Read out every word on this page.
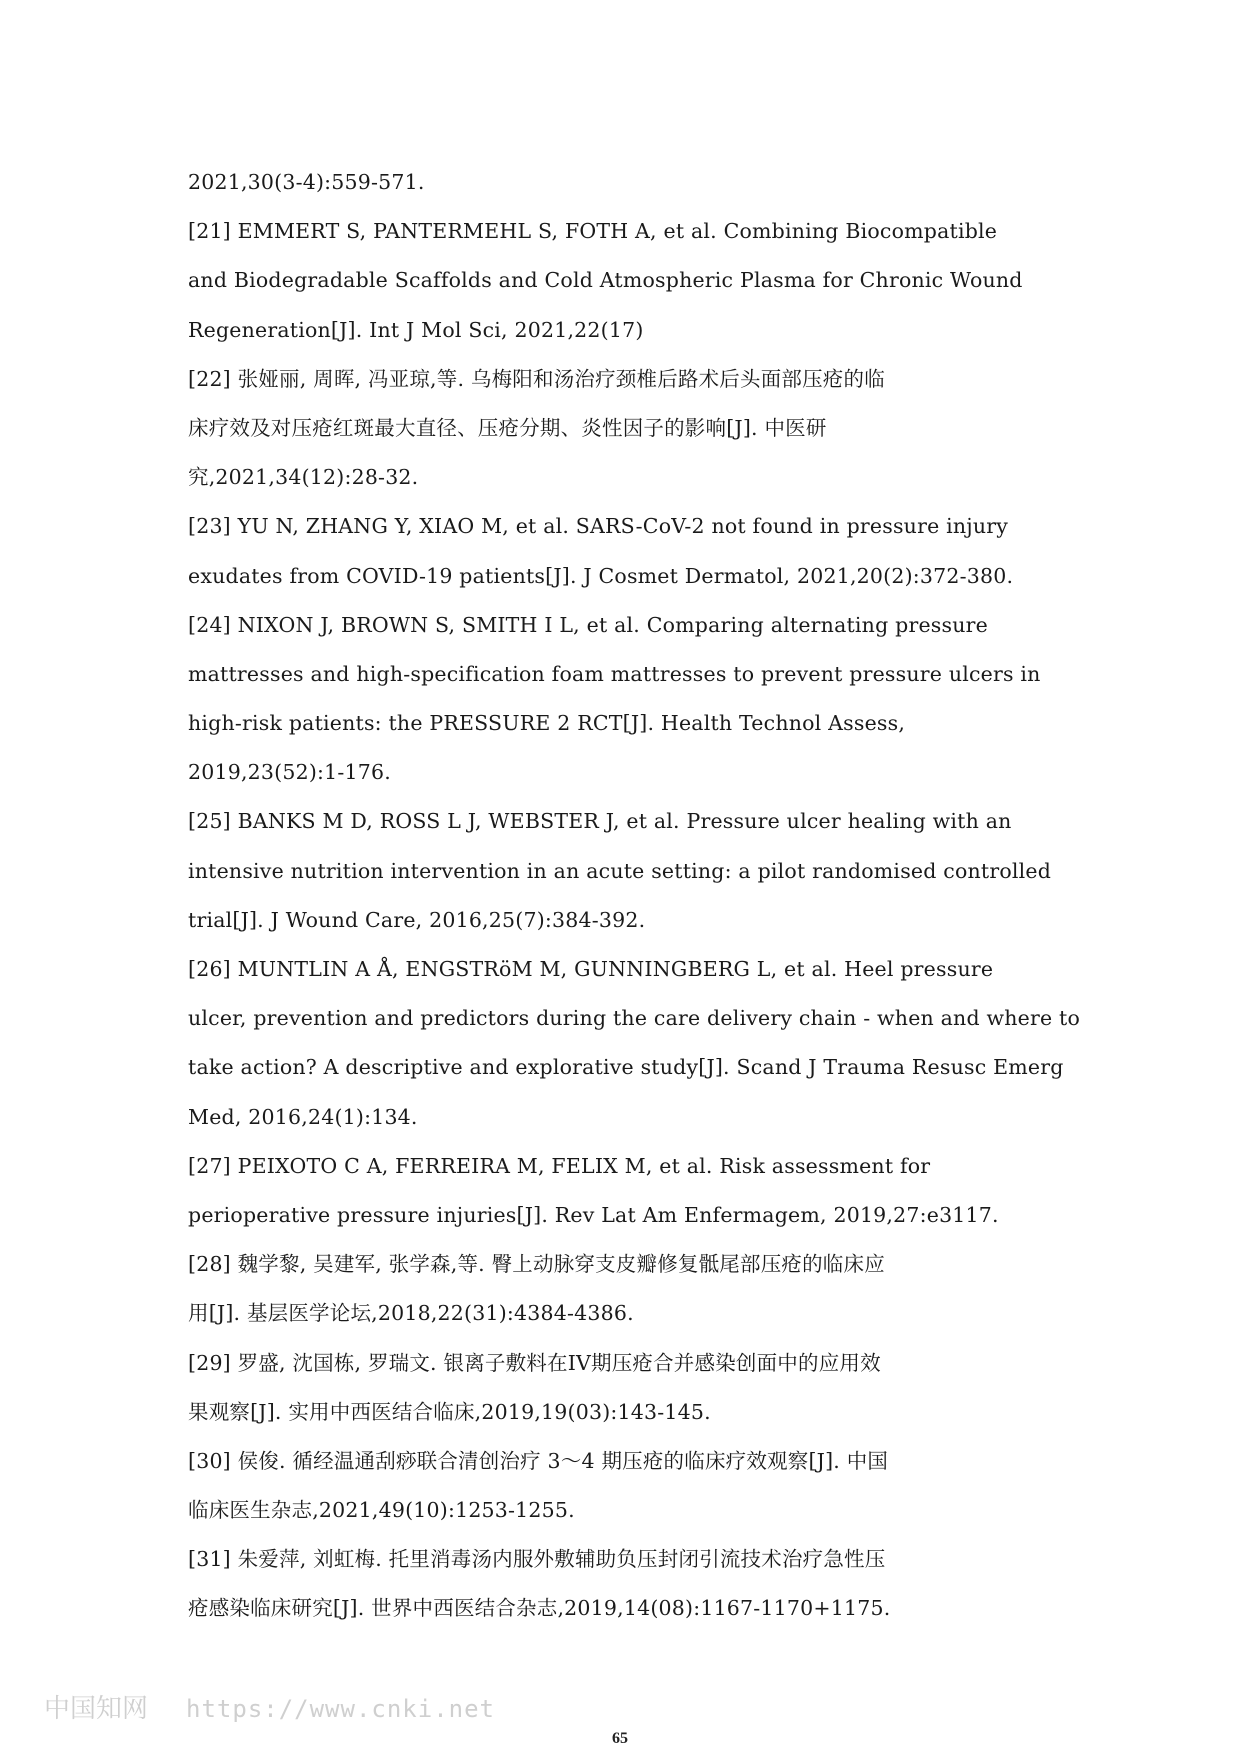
2021,30(3-4):559-571.
[21] EMMERT S, PANTERMEHL S, FOTH A, et al. Combining Biocompatible
and Biodegradable Scaffolds and Cold Atmospheric Plasma for Chronic Wound
Regeneration[J]. Int J Mol Sci, 2021,22(17)
[22] 张娅丽, 周晖, 冯亚琼,等. 乌梅阳和汤治疗颈椎后路术后头面部压疮的临
床疗效及对压疮红斑最大直径、压疮分期、炎性因子的影响[J]. 中医研
究,2021,34(12):28-32.
[23] YU N, ZHANG Y, XIAO M, et al. SARS-CoV-2 not found in pressure injury
exudates from COVID-19 patients[J]. J Cosmet Dermatol, 2021,20(2):372-380.
[24] NIXON J, BROWN S, SMITH I L, et al. Comparing alternating pressure
mattresses and high-specification foam mattresses to prevent pressure ulcers in
high-risk patients: the PRESSURE 2 RCT[J]. Health Technol Assess,
2019,23(52):1-176.
[25] BANKS M D, ROSS L J, WEBSTER J, et al. Pressure ulcer healing with an
intensive nutrition intervention in an acute setting: a pilot randomised controlled
trial[J]. J Wound Care, 2016,25(7):384-392.
[26] MUNTLIN A Å, ENGSTRöM M, GUNNINGBERG L, et al. Heel pressure
ulcer, prevention and predictors during the care delivery chain - when and where to
take action? A descriptive and explorative study[J]. Scand J Trauma Resusc Emerg
Med, 2016,24(1):134.
[27] PEIXOTO C A, FERREIRA M, FELIX M, et al. Risk assessment for
perioperative pressure injuries[J]. Rev Lat Am Enfermagem, 2019,27:e3117.
[28] 魏学黎, 吴建军, 张学森,等. 臀上动脉穿支皮瓣修复骶尾部压疮的临床应
用[J]. 基层医学论坛,2018,22(31):4384-4386.
[29] 罗盛, 沈国栋, 罗瑞文. 银离子敷料在IV期压疮合并感染创面中的应用效
果观察[J]. 实用中西医结合临床,2019,19(03):143-145.
[30] 侯俊. 循经温通刮痧联合清创治疗 3～4 期压疮的临床疗效观察[J]. 中国
临床医生杂志,2021,49(10):1253-1255.
[31] 朱爱萍, 刘虹梅. 托里消毒汤内服外敷辅助负压封闭引流技术治疗急性压
疮感染临床研究[J]. 世界中西医结合杂志,2019,14(08):1167-1170+1175.
中国知网 https://www.cnki.net
65
